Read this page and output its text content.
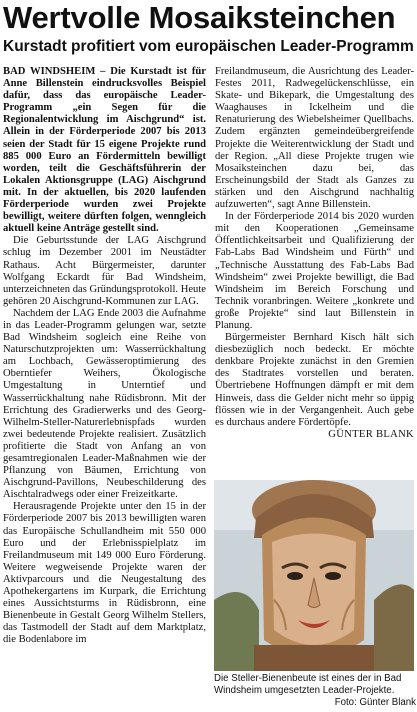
Wertvolle Mosaiksteinchen
Kurstadt profitiert vom europäischen Leader-Programm

BAD WINDSHEIM – Die Kurstadt ist für Anne Billenstein eindrucksvolles Beispiel dafür, dass das europäische Leader-Programm „ein Segen für die Regionalentwicklung im Aischgrund“ ist. Allein in der Förderperiode 2007 bis 2013 seien der Stadt für 15 eigene Projekte rund 885 000 Euro an Fördermitteln bewilligt worden, teilt die Geschäftsführerin der Lokalen Aktionsgruppe (LAG) Aischgrund mit. In der aktuellen, bis 2020 laufenden Förderperiode wurden zwei Projekte bewilligt, weitere dürften folgen, wenngleich aktuell keine Anträge gestellt sind.

Die Geburtsstunde der LAG Aischgrund schlug im Dezember 2001 im Neustädter Rathaus. Acht Bürgermeister, darunter Wolfgang Eckardt für Bad Windsheim, unterzeichneten das Gründungsprotokoll. Heute gehören 20 Aischgrund-Kommunen zur LAG.

Nachdem der LAG Ende 2003 die Aufnahme in das Leader-Programm gelungen war, setzte Bad Windsheim sogleich eine Reihe von Naturschutzprojekten um: Wasserrückhaltung am Lochbach, Gewässeroptimierung des Oberntiefer Weihers, Ökologische Umgestaltung in Unterntief und Wasserrückhaltung nahe Rüdisbronn. Mit der Errichtung des Gradierwerks und des Georg-Wilhelm-Steller-Naturerlebnispfads wurden zwei bedeutende Projekte realisiert. Zusätzlich profitierte die Stadt von Anfang an von gesamtregionalen Leader-Maßnahmen wie der Pflanzung von Bäumen, Errichtung von Aischgrund-Pavillons, Neubeschilderung des Aischtalradwegs oder einer Freizeitkarte.

Herausragende Projekte unter den 15 in der Förderperiode 2007 bis 2013 bewilligten waren das Europäische Schullandheim mit 550 000 Euro und der Erlebnisspielplatz im Freilandmuseum mit 149 000 Euro Förderung. Weitere wegweisende Projekte waren der Aktivparcours und die Neugestaltung des Apothekergartens im Kurpark, die Errichtung eines Aussichtsturms in Rüdisbronn, eine Bienenbeute in Gestalt Georg Wilhelm Stellers, das Tastmodell der Stadt auf dem Marktplatz, die Bodenlabore im

Freilandmuseum, die Ausrichtung des Leader-Festes 2011, Radwegelückenschlüsse, ein Skate- und Bikepark, die Umgestaltung des Waaghauses in Ickelheim und die Renaturierung des Wiebelsheimer Quellbachs. Zudem ergänzten gemeindeübergreifende Projekte die Weiterentwicklung der Stadt und der Region. „All diese Projekte trugen wie Mosaiksteinchen dazu bei, das Erscheinungsbild der Stadt als Ganzes zu stärken und den Aischgrund nachhaltig aufzuwerten“, sagt Anne Billenstein.

In der Förderperiode 2014 bis 2020 wurden mit den Kooperationen „Gemeinsame Öffentlichkeitsarbeit und Qualifizierung der Fab-Labs Bad Windsheim und Fürth“ und „Technische Ausstattung des Fab-Labs Bad Windsheim“ zwei Projekte bewilligt, die Bad Windsheim im Bereich Forschung und Technik voranbringen. Weitere „konkrete und große Projekte“ sind laut Billenstein in Planung.

Bürgermeister Bernhard Kisch hält sich diesbezüglich noch bedeckt. Er möchte denkbare Projekte zunächst in den Gremien des Stadtrates vorstellen und beraten. Übertriebene Hoffnungen dämpft er mit dem Hinweis, dass die Gelder nicht mehr so üppig flössen wie in der Vergangenheit. Auch gebe es durchaus andere Fördertöpfe.
GÜNTER BLANK

Die Steller-Bienenbeute ist eines der in Bad Windsheim umgesetzten Leader-Projekte.
Foto: Günter Blank
